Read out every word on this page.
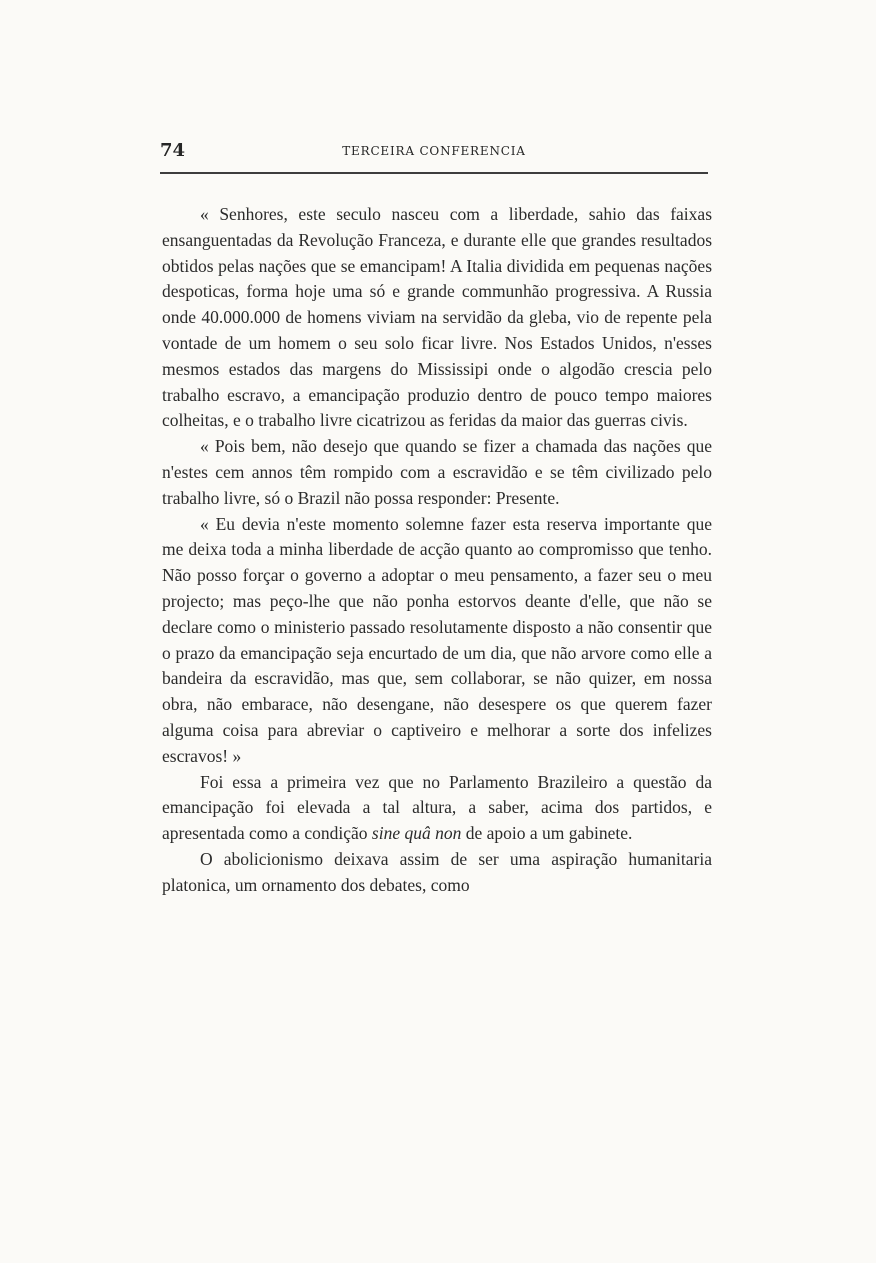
74	TERCEIRA CONFERENCIA

« Senhores, este seculo nasceu com a liberdade, sahio das faixas ensanguentadas da Revolução Franceza, e durante elle que grandes resultados obtidos pelas nações que se emancipam! A Italia dividida em pequenas nações despoticas, forma hoje uma só e grande communhão progressiva. A Russia onde 40.000.000 de homens viviam na servidão da gleba, vio de repente pela vontade de um homem o seu solo ficar livre. Nos Estados Unidos, n'esses mesmos estados das margens do Mississipi onde o algodão crescia pelo trabalho escravo, a emancipação produzio dentro de pouco tempo maiores colheitas, e o trabalho livre cicatrizou as feridas da maior das guerras civis.

« Pois bem, não desejo que quando se fizer a chamada das nações que n'estes cem annos têm rompido com a escravidão e se têm civilizado pelo trabalho livre, só o Brazil não possa responder: Presente.

« Eu devia n'este momento solemne fazer esta reserva importante que me deixa toda a minha liberdade de acção quanto ao compromisso que tenho. Não posso forçar o governo a adoptar o meu pensamento, a fazer seu o meu projecto; mas peço-lhe que não ponha estorvos deante d'elle, que não se declare como o ministerio passado resolutamente disposto a não consentir que o prazo da emancipação seja encurtado de um dia, que não arvore como elle a bandeira da escravidão, mas que, sem collaborar, se não quizer, em nossa obra, não embarace, não desengane, não desespere os que querem fazer alguma coisa para abreviar o captiveiro e melhorar a sorte dos infelizes escravos! »

Foi essa a primeira vez que no Parlamento Brazileiro a questão da emancipação foi elevada a tal altura, a saber, acima dos partidos, e apresentada como a condição sine quâ non de apoio a um gabinete.

O abolicionismo deixava assim de ser uma aspiração humanitaria platonica, um ornamento dos debates, como
